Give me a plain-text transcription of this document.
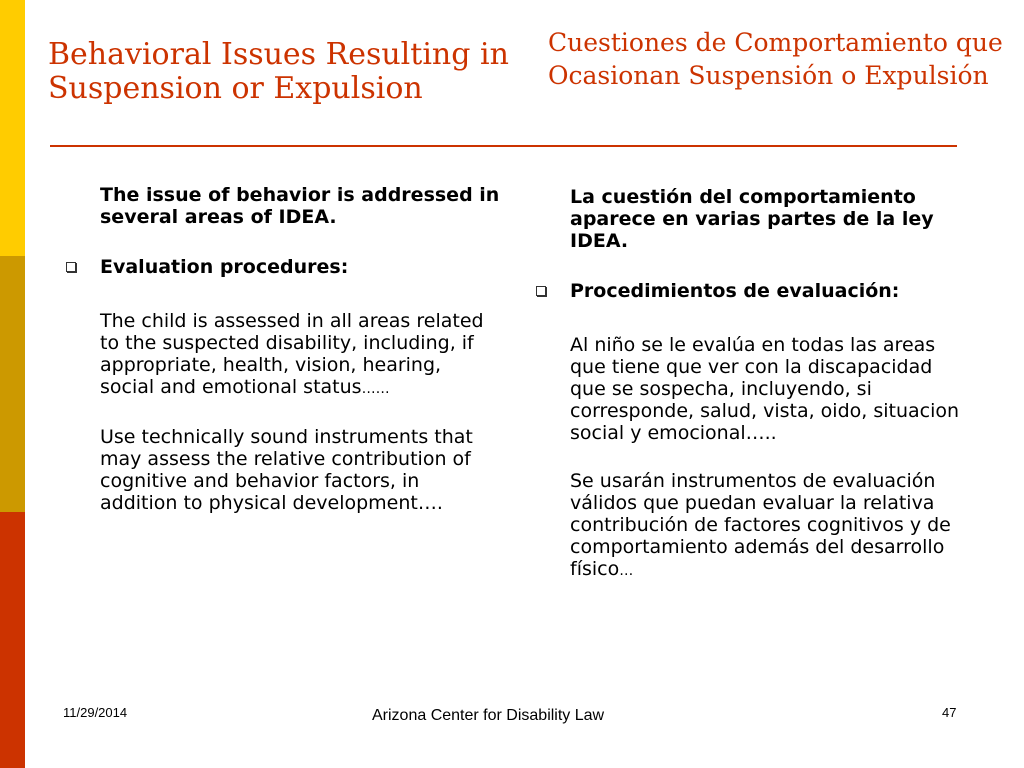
Behavioral Issues Resulting in Suspension or Expulsion
Cuestiones de Comportamiento que Ocasionan Suspensión o Expulsión

The issue of behavior is addressed in several areas of IDEA.

Evaluation procedures:

The child is assessed in all areas related to the suspected disability, including, if appropriate, health, vision, hearing, social and emotional status……

Use technically sound instruments that may assess the relative contribution of cognitive and behavior factors, in addition to physical development….

La cuestión del comportamiento aparece en varias partes de la ley IDEA.

Procedimientos de evaluación:

Al niño se le evalúa en todas las areas que tiene que ver con la discapacidad que se sospecha, incluyendo, si corresponde, salud, vista, oido, situacion social y emocional…..

Se usarán instrumentos de evaluación válidos que puedan evaluar la relativa contribución de factores cognitivos y de comportamiento además del desarrollo físico…

11/29/2014	Arizona Center for Disability Law	47
